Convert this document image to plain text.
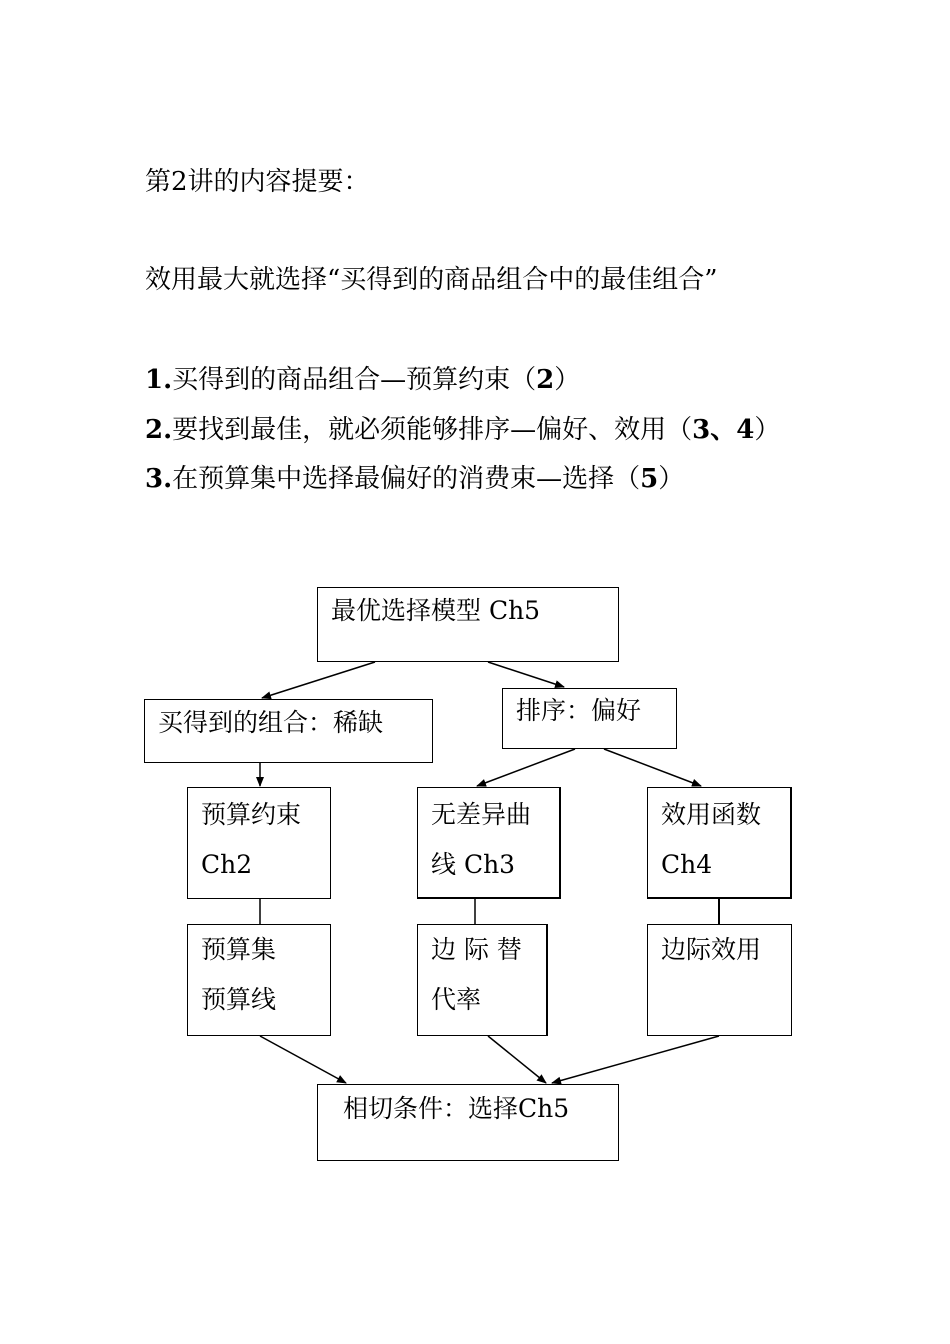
第2讲的内容提要：
效用最大就选择“买得到的商品组合中的最佳组合”
1.买得到的商品组合—预算约束（2）
2.要找到最佳，就必须能够排序—偏好、效用（3、4）
3.在预算集中选择最偏好的消费束—选择（5）
最优选择模型 Ch5
买得到的组合：稀缺	排序：偏好
预算约束
Ch2
无差异曲
线 Ch3
效用函数
Ch4
预算集
预算线
边 际 替
代率
边际效用
相切条件：选择Ch5
